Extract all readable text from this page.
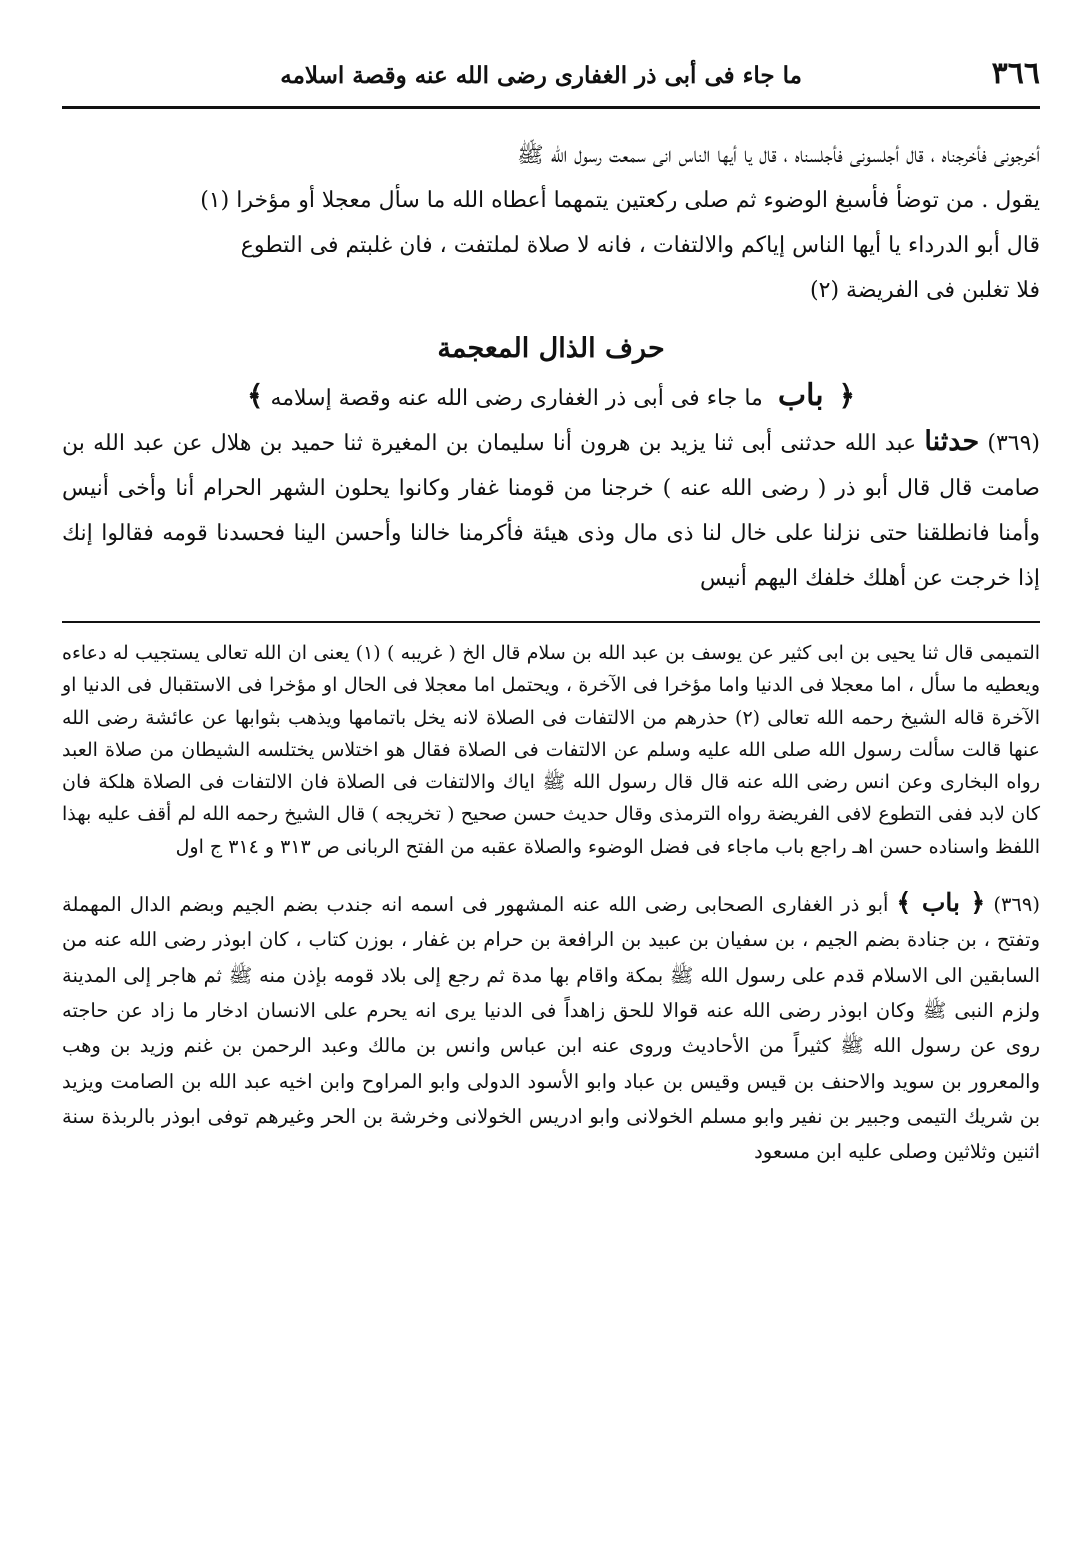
٣٦٦
ما جاء فى أبى ذر الغفارى رضى الله عنه وقصة اسلامه

أخرجونى فأخرجناه ، قال أجلسونى فأجلسناه ، قال يا أيها الناس انى سمعت رسول الله ﷺ

يقول . من توضأ فأسبغ الوضوء ثم صلى ركعتين يتمهما أعطاه الله ما سأل معجلا أو مؤخرا (١)

قال أبو الدرداء يا أيها الناس إياكم والالتفات ، فانه لا صلاة لملتفت ، فان غلبتم فى التطوع

فلا تغلبن فى الفريضة (٢)

حرف الذال المعجمة
﴿ باب ما جاء فى أبى ذر الغفارى رضى الله عنه وقصة إسلامه ﴾

(٣٦٩) حدثنا عبد الله حدثنى أبى ثنا يزيد بن هرون أنا سليمان بن المغيرة ثنا حميد بن هلال عن عبد الله بن صامت قال قال أبو ذر ( رضى الله عنه ) خرجنا من قومنا غفار وكانوا يحلون الشهر الحرام أنا وأخى أنيس وأمنا فانطلقنا حتى نزلنا على خال لنا ذى مال وذى هيئة فأكرمنا خالنا وأحسن الينا فحسدنا قومه فقالوا إنك إذا خرجت عن أهلك خلفك اليهم أنيس

التميمى قال ثنا يحيى بن ابى كثير عن يوسف بن عبد الله بن سلام قال الخ ( غريبه ) (١) يعنى ان الله تعالى يستجيب له دعاءه ويعطيه ما سأل ، اما معجلا فى الدنيا واما مؤخرا فى الآخرة ، ويحتمل اما معجلا فى الحال او مؤخرا فى الاستقبال فى الدنيا او الآخرة قاله الشيخ رحمه الله تعالى (٢) حذرهم من الالتفات فى الصلاة لانه يخل باتمامها ويذهب بثوابها عن عائشة رضى الله عنها قالت سألت رسول الله صلى الله عليه وسلم عن الالتفات فى الصلاة فقال هو اختلاس يختلسه الشيطان من صلاة العبد رواه البخارى وعن انس رضى الله عنه قال قال رسول الله ﷺ اياك والالتفات فى الصلاة فان الالتفات فى الصلاة هلكة فان كان لابد ففى التطوع لافى الفريضة رواه الترمذى وقال حديث حسن صحيح ( تخريجه ) قال الشيخ رحمه الله لم أقف عليه بهذا اللفظ واسناده حسن اهـ راجع باب ماجاء فى فضل الوضوء والصلاة عقبه من الفتح الربانى ص ٣١٣ و ٣١٤ ج اول

(٣٦٩) ﴿ باب ﴾ أبو ذر الغفارى الصحابى رضى الله عنه المشهور فى اسمه انه جندب بضم الجيم وبضم الدال المهملة وتفتح ، بن جنادة بضم الجيم ، بن سفيان بن عبيد بن الرافعة بن حرام بن غفار ، بوزن كتاب ، كان ابوذر رضى الله عنه من السابقين الى الاسلام قدم على رسول الله ﷺ بمكة واقام بها مدة ثم رجع إلى بلاد قومه بإذن منه ﷺ ثم هاجر إلى المدينة ولزم النبى ﷺ وكان ابوذر رضى الله عنه قوالا للحق زاهداً فى الدنيا يرى انه يحرم على الانسان ادخار ما زاد عن حاجته روى عن رسول الله ﷺ كثيراً من الأحاديث وروى عنه ابن عباس وانس بن مالك وعبد الرحمن بن غنم وزيد بن وهب والمعرور بن سويد والاحنف بن قيس وقيس بن عباد وابو الأسود الدولى وابو المراوح وابن اخيه عبد الله بن الصامت ويزيد بن شريك التيمى وجبير بن نفير وابو مسلم الخولانى وابو ادريس الخولانى وخرشة بن الحر وغيرهم توفى ابوذر بالربذة سنة اثنين وثلاثين وصلى عليه ابن مسعود
